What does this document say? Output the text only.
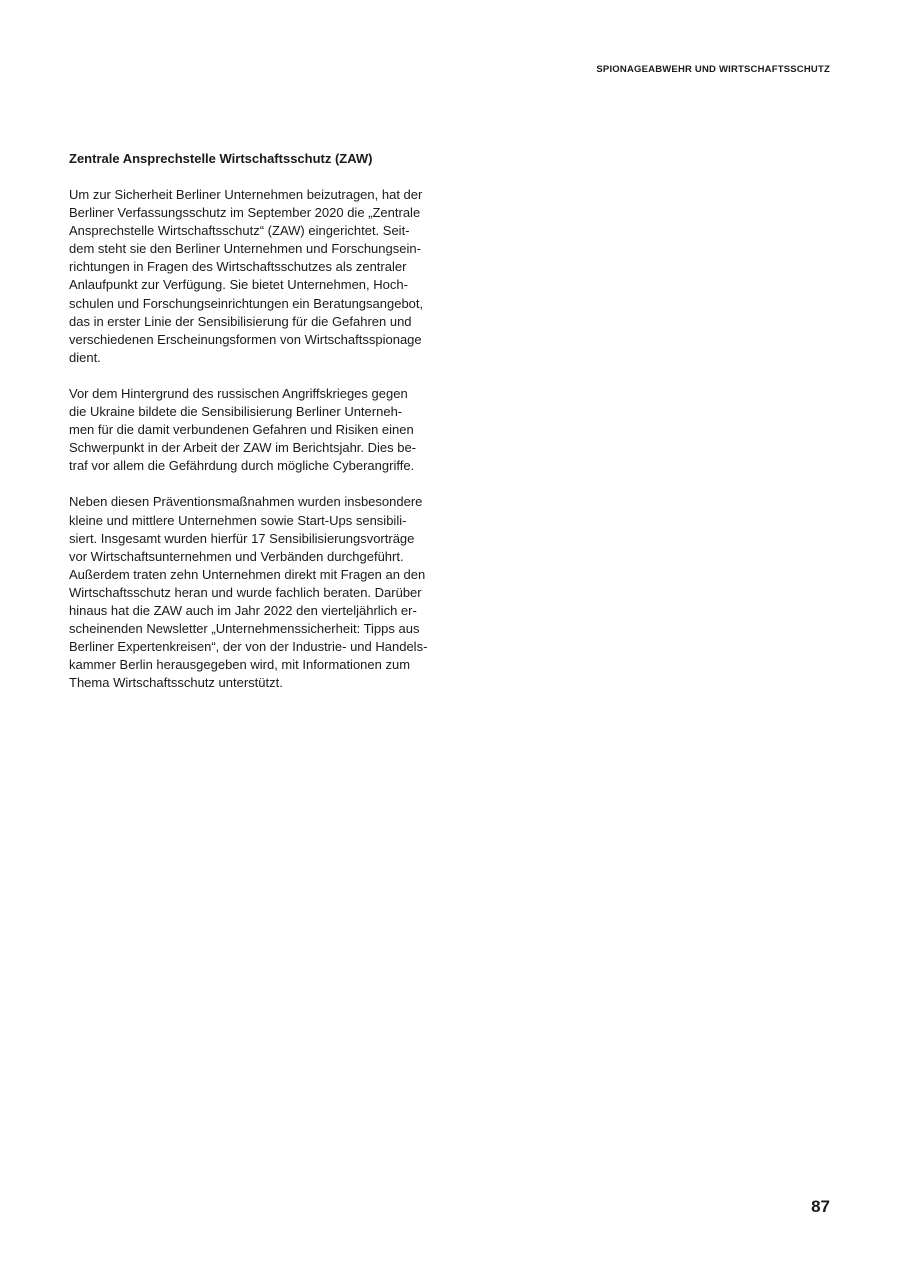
SPIONAGEABWEHR UND WIRTSCHAFTSSCHUTZ
Zentrale Ansprechstelle Wirtschaftsschutz (ZAW)
Um zur Sicherheit Berliner Unternehmen beizutragen, hat der
Berliner Verfassungsschutz im September 2020 die „Zentrale
Ansprechstelle Wirtschaftsschutz“ (ZAW) eingerichtet. Seit-
dem steht sie den Berliner Unternehmen und Forschungsein-
richtungen in Fragen des Wirtschaftsschutzes als zentraler
Anlaufpunkt zur Verfügung. Sie bietet Unternehmen, Hoch-
schulen und Forschungseinrichtungen ein Beratungsangebot,
das in erster Linie der Sensibilisierung für die Gefahren und
verschiedenen Erscheinungsformen von Wirtschaftsspionage
dient.
Vor dem Hintergrund des russischen Angriffskrieges gegen
die Ukraine bildete die Sensibilisierung Berliner Unterneh-
men für die damit verbundenen Gefahren und Risiken einen
Schwerpunkt in der Arbeit der ZAW im Berichtsjahr. Dies be-
traf vor allem die Gefährdung durch mögliche Cyberangriffe.
Neben diesen Präventionsmaßnahmen wurden insbesondere
kleine und mittlere Unternehmen sowie Start-Ups sensibili-
siert. Insgesamt wurden hierfür 17 Sensibilisierungsvorträge
vor Wirtschaftsunternehmen und Verbänden durchgeführt.
Außerdem traten zehn Unternehmen direkt mit Fragen an den
Wirtschaftsschutz heran und wurde fachlich beraten. Darüber
hinaus hat die ZAW auch im Jahr 2022 den vierteljährlich er-
scheinenden Newsletter „Unternehmenssicherheit: Tipps aus
Berliner Expertenkreisen“, der von der Industrie- und Handels-
kammer Berlin herausgegeben wird, mit Informationen zum
Thema Wirtschaftsschutz unterstützt.
87
